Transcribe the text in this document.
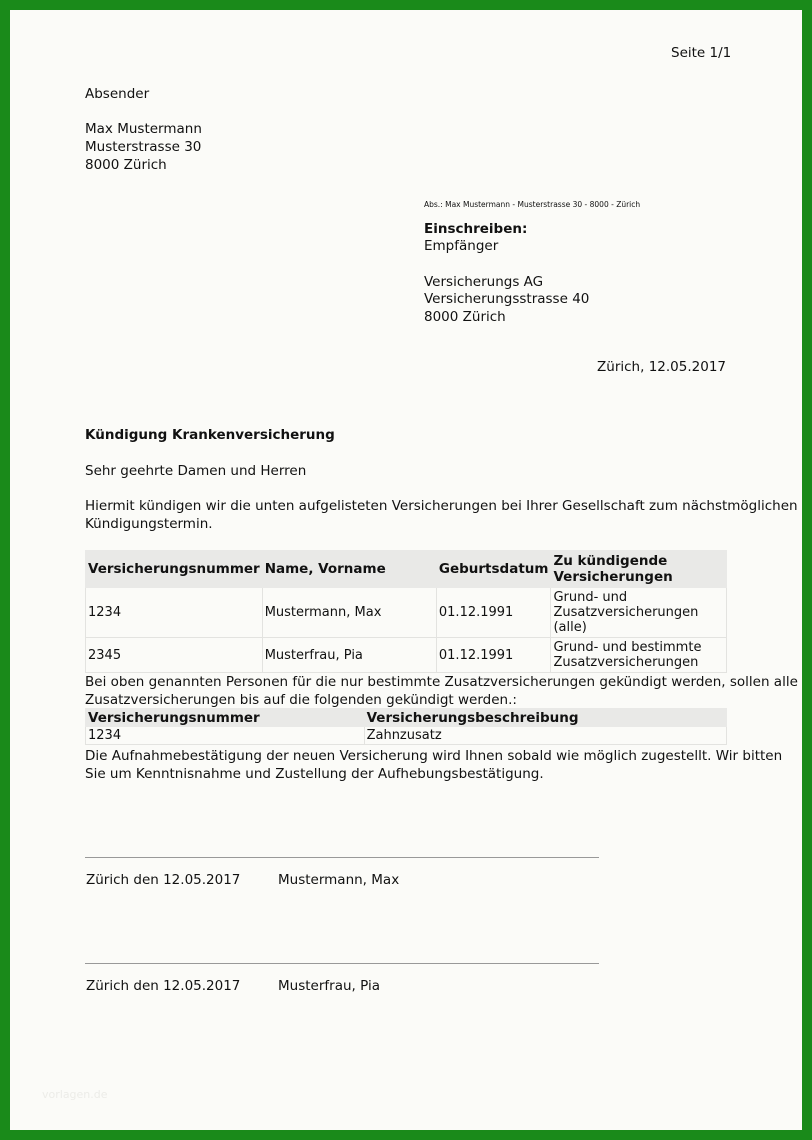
Seite 1/1
Absender
Max Mustermann
Musterstrasse 30
8000 Zürich
Abs.: Max Mustermann - Musterstrasse 30 - 8000 - Zürich
Einschreiben:
Empfänger
Versicherungs AG
Versicherungsstrasse 40
8000 Zürich
Zürich, 12.05.2017
Kündigung Krankenversicherung
Sehr geehrte Damen und Herren
Hiermit kündigen wir die unten aufgelisteten Versicherungen bei Ihrer Gesellschaft zum nächstmöglichen
Kündigungstermin.
Versicherungsnummer	Name, Vorname	Geburtsdatum	Zu kündigende Versicherungen
1234	Mustermann, Max	01.12.1991	Grund- und Zusatzversicherungen (alle)
2345	Musterfrau, Pia	01.12.1991	Grund- und bestimmte Zusatzversicherungen
Bei oben genannten Personen für die nur bestimmte Zusatzversicherungen gekündigt werden, sollen alle
Zusatzversicherungen bis auf die folgenden gekündigt werden.:
Versicherungsnummer	Versicherungsbeschreibung
1234	Zahnzusatz
Die Aufnahmebestätigung der neuen Versicherung wird Ihnen sobald wie möglich zugestellt. Wir bitten
Sie um Kenntnisnahme und Zustellung der Aufhebungsbestätigung.
Zürich den 12.05.2017	Mustermann, Max
Zürich den 12.05.2017	Musterfrau, Pia
vorlagen.de
